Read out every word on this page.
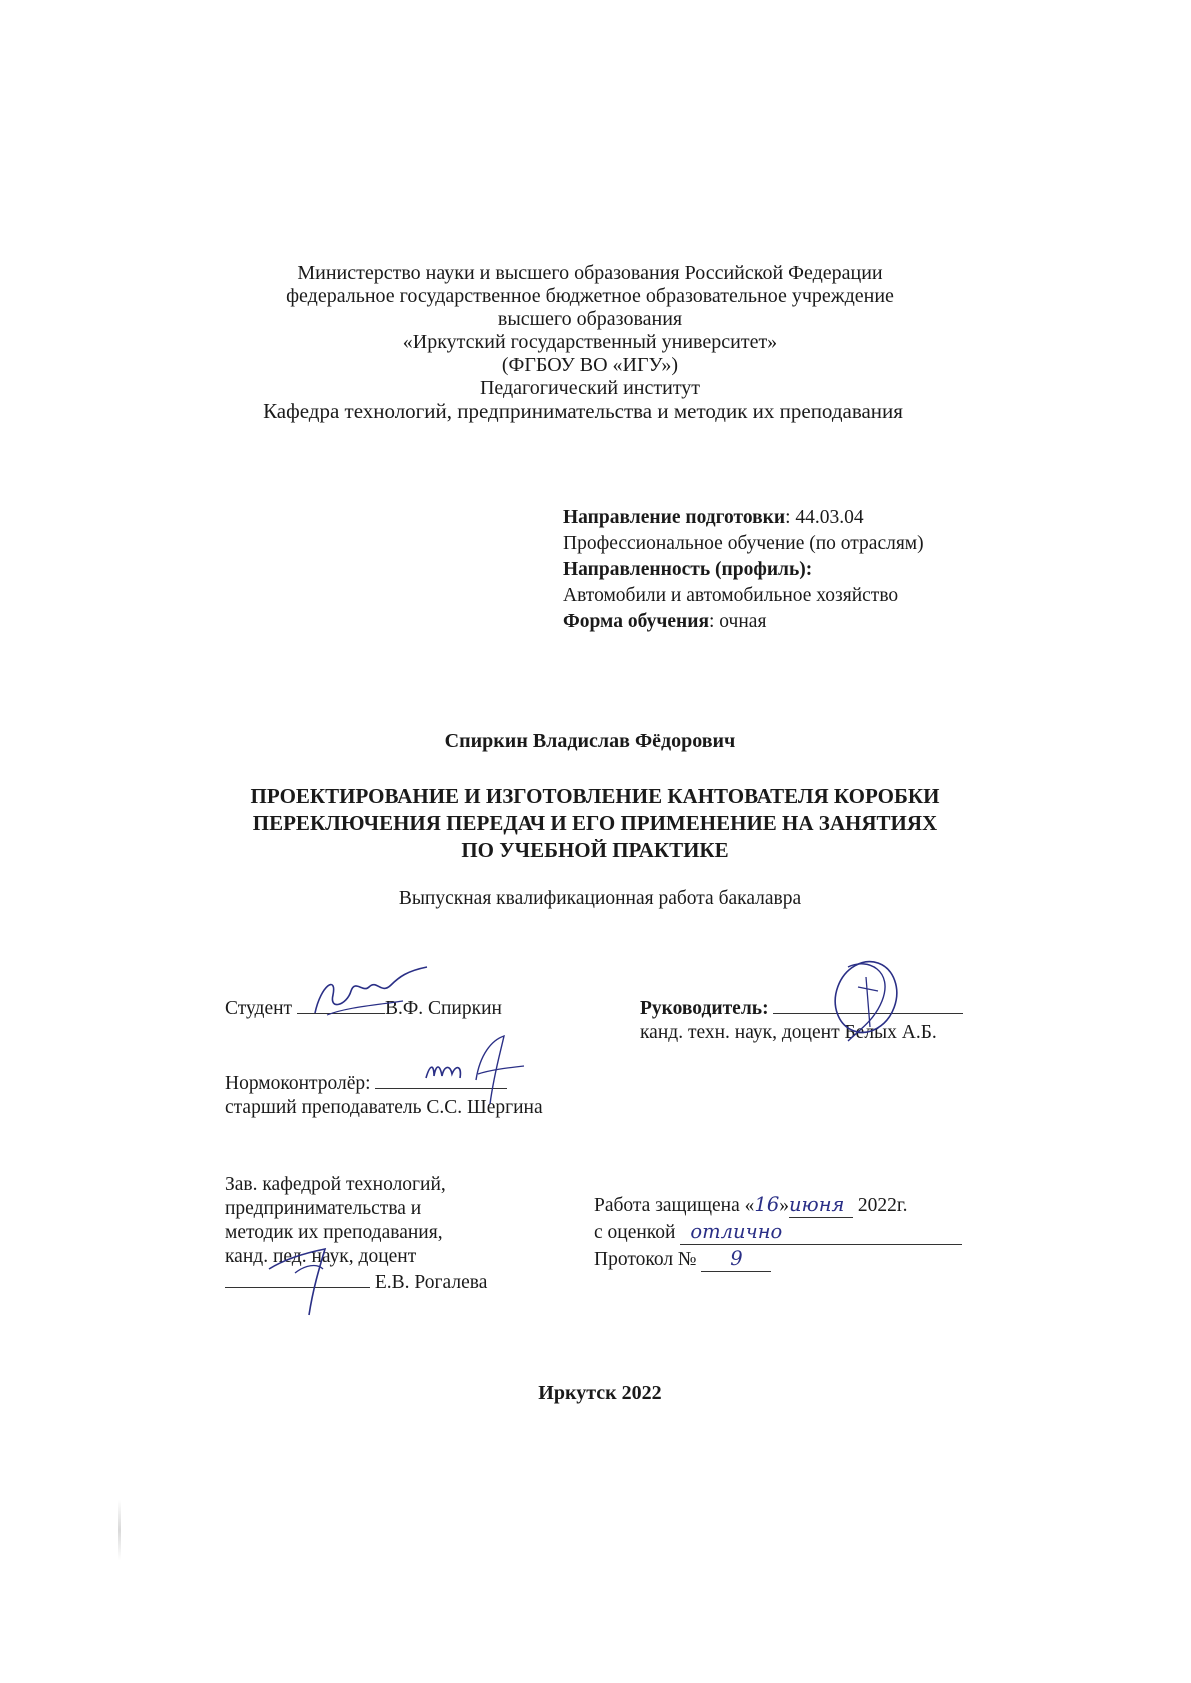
Министерство науки и высшего образования Российской Федерации
федеральное государственное бюджетное образовательное учреждение
высшего образования
«Иркутский государственный университет»
(ФГБОУ ВО «ИГУ»)
Педагогический институт
Кафедра технологий, предпринимательства и методик их преподавания
Направление подготовки: 44.03.04
Профессиональное обучение (по отраслям)
Направленность (профиль):
Автомобили и автомобильное хозяйство
Форма обучения: очная
Спиркин Владислав Фёдорович
ПРОЕКТИРОВАНИЕ И ИЗГОТОВЛЕНИЕ КАНТОВАТЕЛЯ КОРОБКИ
ПЕРЕКЛЮЧЕНИЯ ПЕРЕДАЧ И ЕГО ПРИМЕНЕНИЕ НА ЗАНЯТИЯХ
ПО УЧЕБНОЙ ПРАКТИКЕ
Выпускная квалификационная работа бакалавра
Студент	В.Ф. Спиркин	Руководитель:
канд. техн. наук, доцент Белых А.Б.
Нормоконтролёр:
старший преподаватель С.С. Шергина
Зав. кафедрой технологий,
предпринимательства и
методик их преподавания,
канд. пед. наук, доцент
Е.В. Рогалева
Работа защищена «16»июня 2022г.
с оценкой отлично
Протокол № 9
Иркутск 2022
